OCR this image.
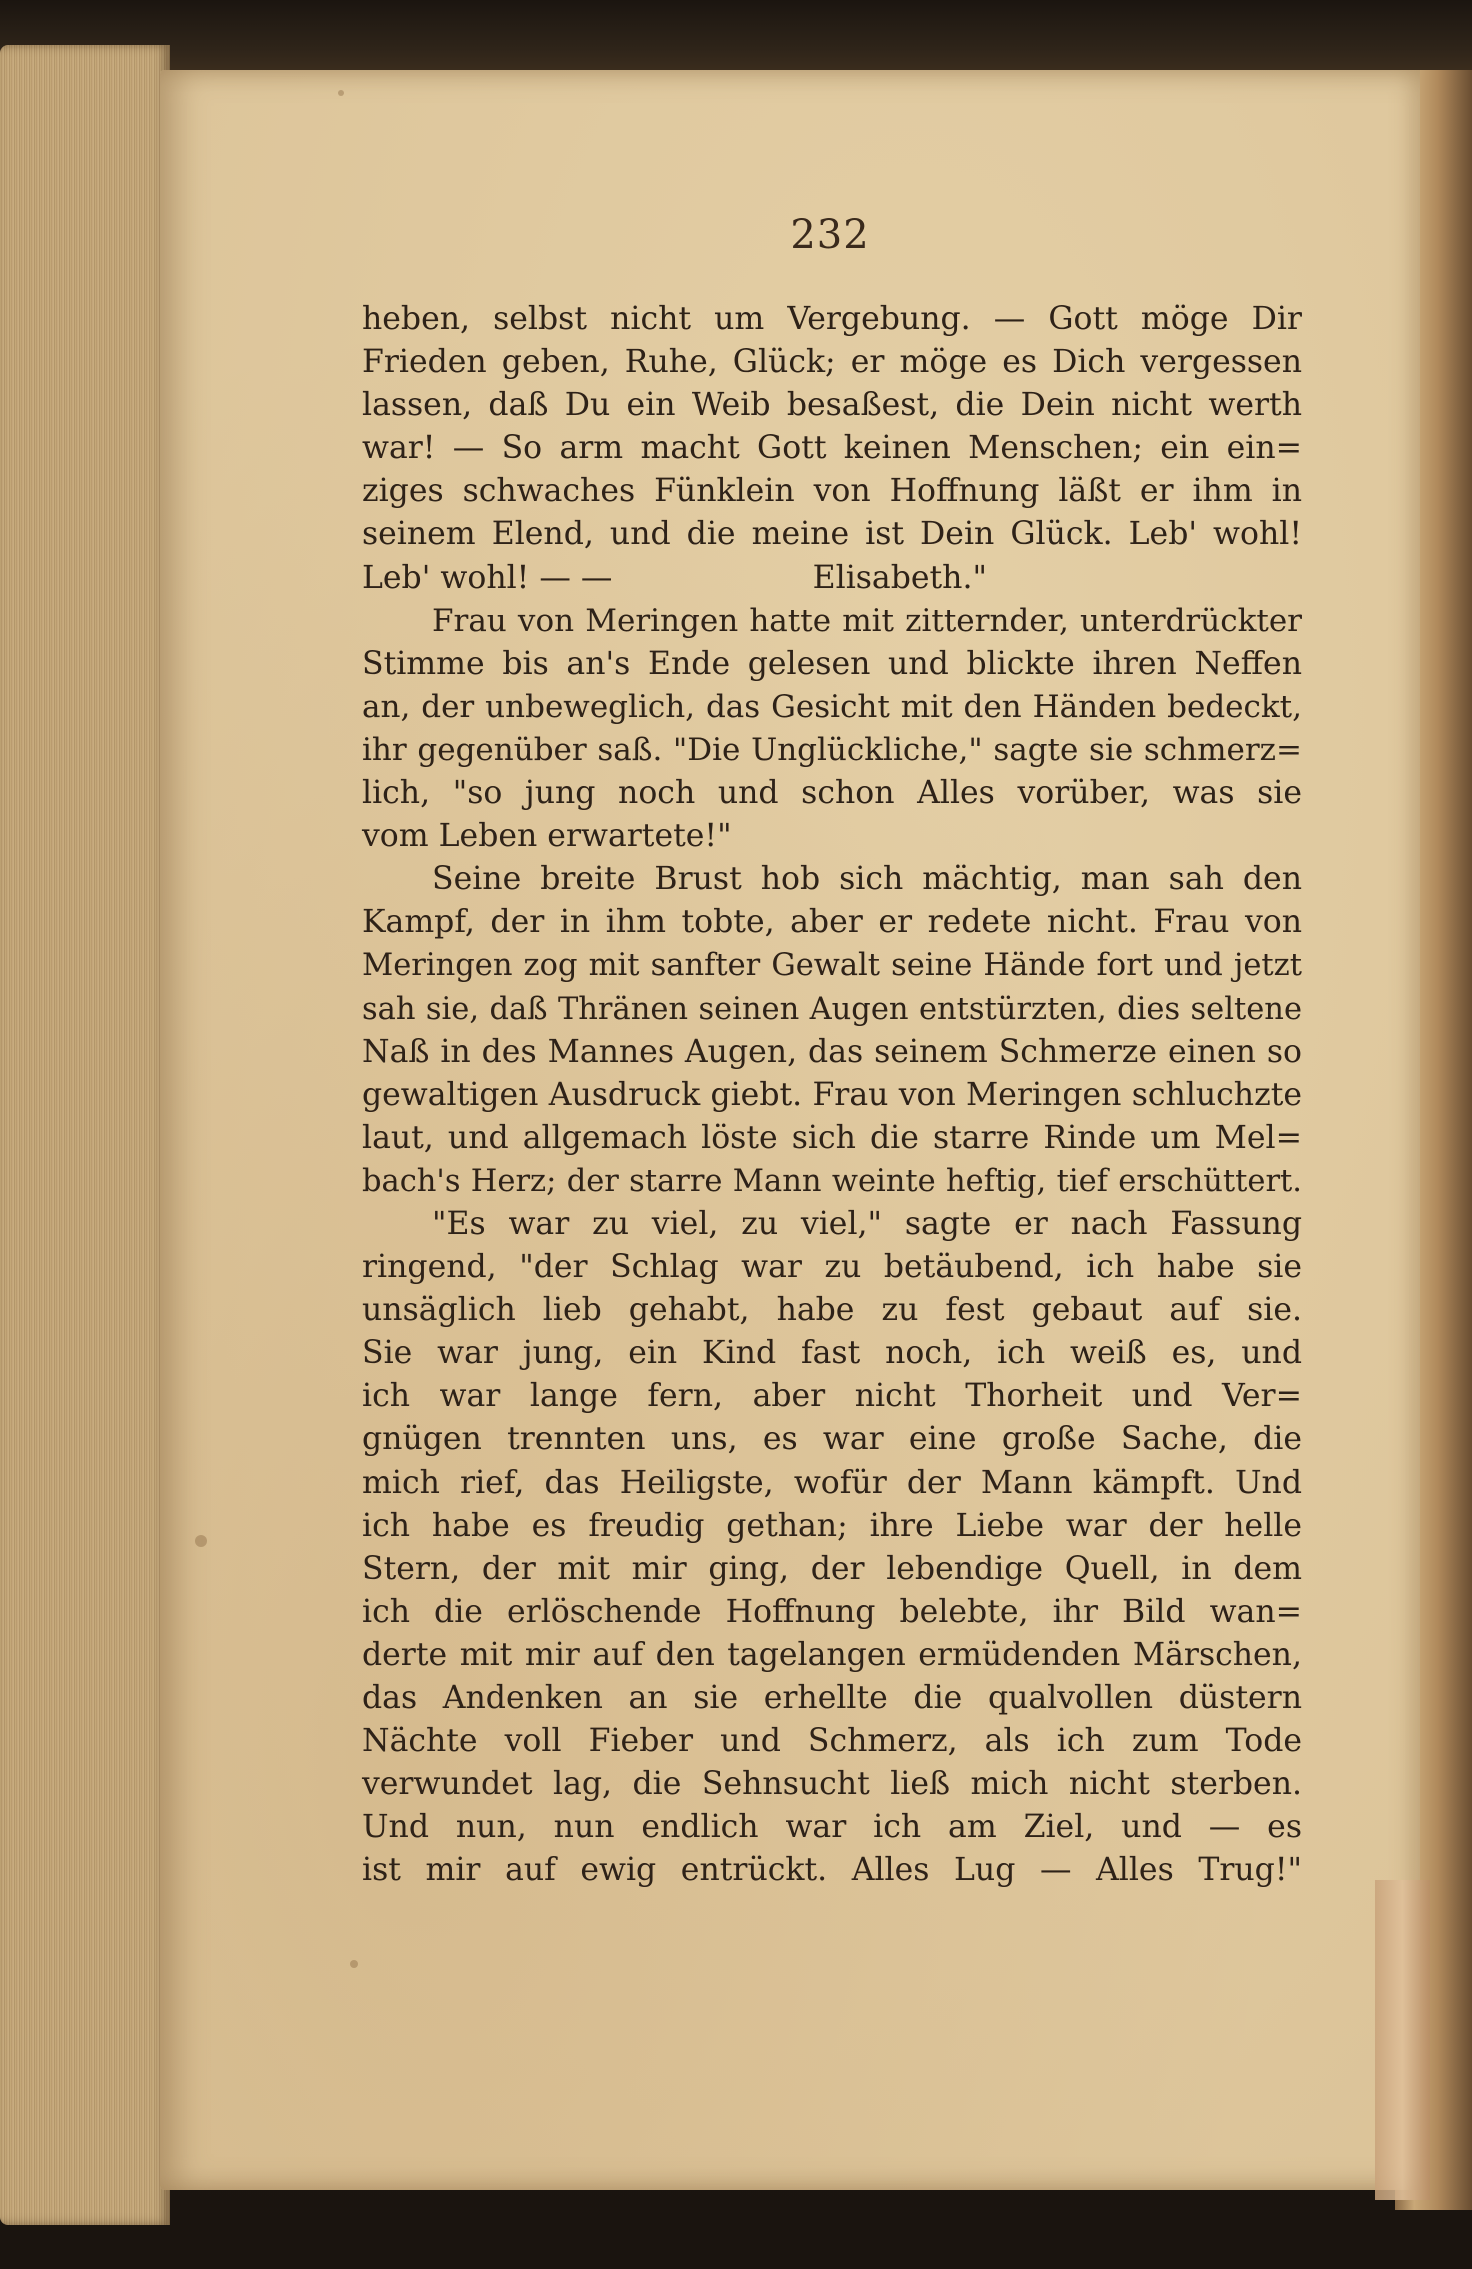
232
heben, selbst nicht um Vergebung. — Gott möge Dir
Frieden geben, Ruhe, Glück; er möge es Dich vergessen
lassen, daß Du ein Weib besaßest, die Dein nicht werth
war! — So arm macht Gott keinen Menschen; ein ein=
ziges schwaches Fünklein von Hoffnung läßt er ihm in
seinem Elend, und die meine ist Dein Glück. Leb' wohl!
Leb' wohl! — —                    Elisabeth."
Frau von Meringen hatte mit zitternder, unterdrückter
Stimme bis an's Ende gelesen und blickte ihren Neffen
an, der unbeweglich, das Gesicht mit den Händen bedeckt,
ihr gegenüber saß. "Die Unglückliche," sagte sie schmerz=
lich, "so jung noch und schon Alles vorüber, was sie
vom Leben erwartete!"
Seine breite Brust hob sich mächtig, man sah den
Kampf, der in ihm tobte, aber er redete nicht. Frau von
Meringen zog mit sanfter Gewalt seine Hände fort und jetzt
sah sie, daß Thränen seinen Augen entstürzten, dies seltene
Naß in des Mannes Augen, das seinem Schmerze einen so
gewaltigen Ausdruck giebt. Frau von Meringen schluchzte
laut, und allgemach löste sich die starre Rinde um Mel=
bach's Herz; der starre Mann weinte heftig, tief erschüttert.
"Es war zu viel, zu viel," sagte er nach Fassung
ringend, "der Schlag war zu betäubend, ich habe sie
unsäglich lieb gehabt, habe zu fest gebaut auf sie.
Sie war jung, ein Kind fast noch, ich weiß es, und
ich war lange fern, aber nicht Thorheit und Ver=
gnügen trennten uns, es war eine große Sache, die
mich rief, das Heiligste, wofür der Mann kämpft. Und
ich habe es freudig gethan; ihre Liebe war der helle
Stern, der mit mir ging, der lebendige Quell, in dem
ich die erlöschende Hoffnung belebte, ihr Bild wan=
derte mit mir auf den tagelangen ermüdenden Märschen,
das Andenken an sie erhellte die qualvollen düstern
Nächte voll Fieber und Schmerz, als ich zum Tode
verwundet lag, die Sehnsucht ließ mich nicht sterben.
Und nun, nun endlich war ich am Ziel, und — es
ist mir auf ewig entrückt. Alles Lug — Alles Trug!"
